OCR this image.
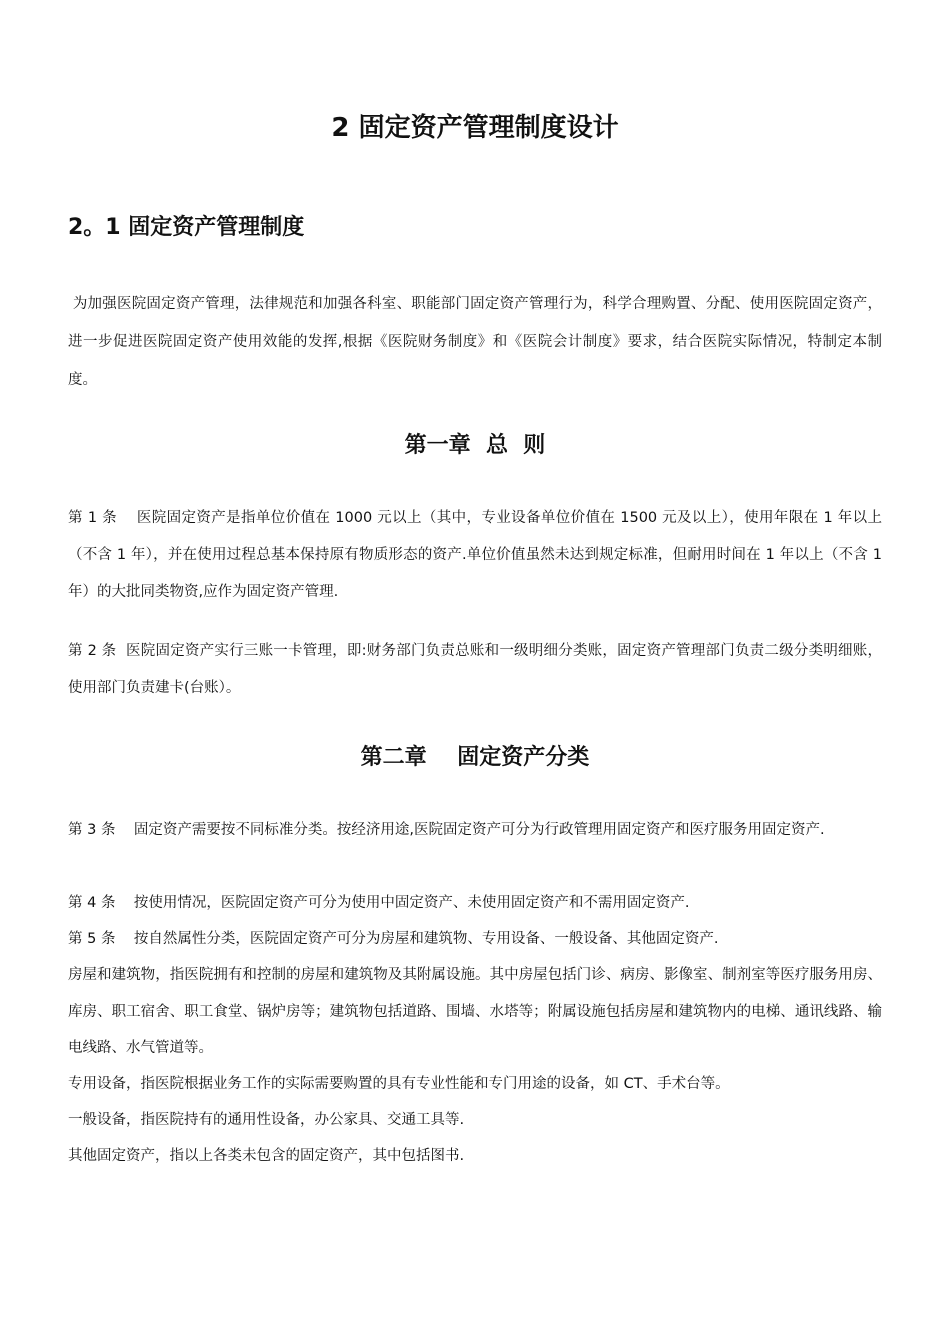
2 固定资产管理制度设计
2。1 固定资产管理制度

为加强医院固定资产管理，法律规范和加强各科室、职能部门固定资产管理行为，科学合理购置、分配、使用医院固定资产，进一步促进医院固定资产使用效能的发挥,根据《医院财务制度》和《医院会计制度》要求，结合医院实际情况，特制定本制度。

第一章  总  则

第 1 条    医院固定资产是指单位价值在 1000 元以上（其中，专业设备单位价值在 1500 元及以上），使用年限在 1 年以上（不含 1 年），并在使用过程总基本保持原有物质形态的资产.单位价值虽然未达到规定标准，但耐用时间在 1 年以上（不含 1 年）的大批同类物资,应作为固定资产管理.

第 2 条  医院固定资产实行三账一卡管理，即:财务部门负责总账和一级明细分类账，固定资产管理部门负责二级分类明细账，使用部门负责建卡(台账）。

第二章    固定资产分类

第 3 条    固定资产需要按不同标准分类。按经济用途,医院固定资产可分为行政管理用固定资产和医疗服务用固定资产.

第 4 条    按使用情况，医院固定资产可分为使用中固定资产、未使用固定资产和不需用固定资产.

第 5 条    按自然属性分类，医院固定资产可分为房屋和建筑物、专用设备、一般设备、其他固定资产.

房屋和建筑物，指医院拥有和控制的房屋和建筑物及其附属设施。其中房屋包括门诊、病房、影像室、制剂室等医疗服务用房、库房、职工宿舍、职工食堂、锅炉房等；建筑物包括道路、围墙、水塔等；附属设施包括房屋和建筑物内的电梯、通讯线路、输电线路、水气管道等。

专用设备，指医院根据业务工作的实际需要购置的具有专业性能和专门用途的设备，如 CT、手术台等。

一般设备，指医院持有的通用性设备，办公家具、交通工具等.

其他固定资产，指以上各类未包含的固定资产，其中包括图书.
